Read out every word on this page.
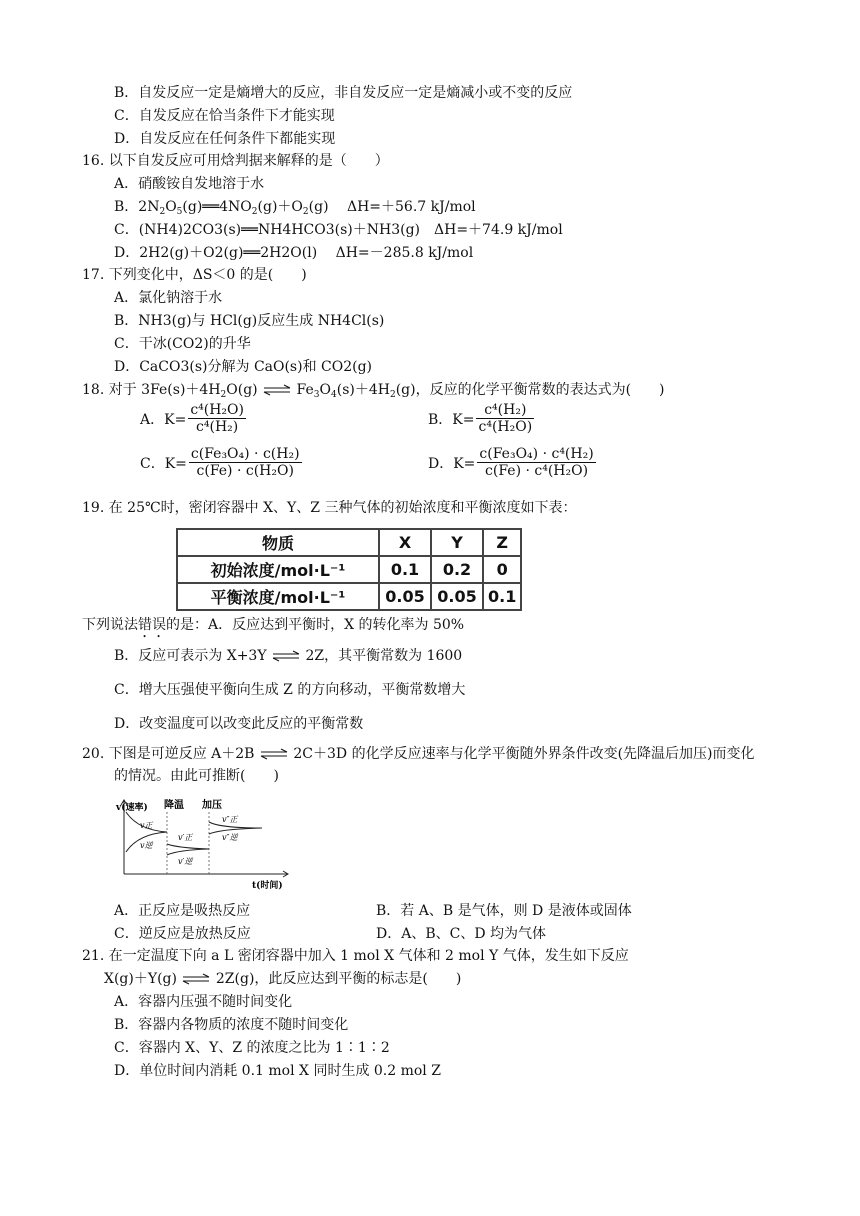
B．自发反应一定是熵增大的反应，非自发反应一定是熵减小或不变的反应
C．自发反应在恰当条件下才能实现
D．自发反应在任何条件下都能实现
16. 以下自发反应可用焓判据来解释的是（　　）
A．硝酸铵自发地溶于水
B．$2N_2O_5(g)══4NO_2(g)+O_2(g)$　 ΔH=＋56.7 kJ/mol
C．(NH4)2CO3(s)══NH4HCO3(s)＋NH3(g)　ΔH=＋74.9 kJ/mol
D．2H2(g)＋O2(g)══2H2O(l)　 ΔH=－285.8 kJ/mol
17. 下列变化中，ΔS＜0 的是(　　)
A．氯化钠溶于水
B．NH3(g)与 HCl(g)反应生成 NH4Cl(s)
C．干冰(CO2)的升华
D．CaCO3(s)分解为 CaO(s)和 CO2(g)
18. 对于 $3Fe(s)+4H_2O(g)$ ⇌ $Fe_3O_4(s)+4H_2(g)$，反应的化学平衡常数的表达式为(　　)
A．$K= \frac{\text{c⁴(H₂O)}}{\text{c⁴(H₂)}}$	B．$K= \frac{\text{c⁴(H₂)}}{\text{c⁴(H₂O)}}$
C．$K= \frac{\text{c(Fe₃O₄) · c(H₂)}}{\text{c(Fe) · c(H₂O)}}$	D．$K= \frac{\text{c(Fe₃O₄) · c⁴(H₂)}}{\text{c(Fe) · c⁴(H₂O)}}$
19. 在 25℃时，密闭容器中 X、Y、Z 三种气体的初始浓度和平衡浓度如下表：
物质	X	Y	Z
初始浓度/mol·L⁻¹	0.1	0.2	0
平衡浓度/mol·L⁻¹	0.05	0.05	0.1
下列说法错误的是：A．反应达到平衡时，X 的转化率为 50%
B．反应可表示为 X+3Y ⇌ 2Z，其平衡常数为 1600
C．增大压强使平衡向生成 Z 的方向移动，平衡常数增大
D．改变温度可以改变此反应的平衡常数
20. 下图是可逆反应 A＋2B ⇌ 2C＋3D 的化学反应速率与化学平衡随外界条件改变(先降温后加压)而变化
的情况。由此可推断(　　)
v(速率) 降温 加压
v正
v逆
v′正
v′逆
v″正
v″逆
t(时间)
A．正反应是吸热反应	B．若 A、B 是气体，则 D 是液体或固体
C．逆反应是放热反应	D．A、B、C、D 均为气体
21. 在一定温度下向 a L 密闭容器中加入 1 mol X 气体和 2 mol Y 气体，发生如下反应
X(g)＋Y(g) ⇌ 2Z(g)，此反应达到平衡的标志是(　　)
A．容器内压强不随时间变化
B．容器内各物质的浓度不随时间变化
C．容器内 X、Y、Z 的浓度之比为 1∶1∶2
D．单位时间内消耗 0.1 mol X 同时生成 0.2 mol Z
